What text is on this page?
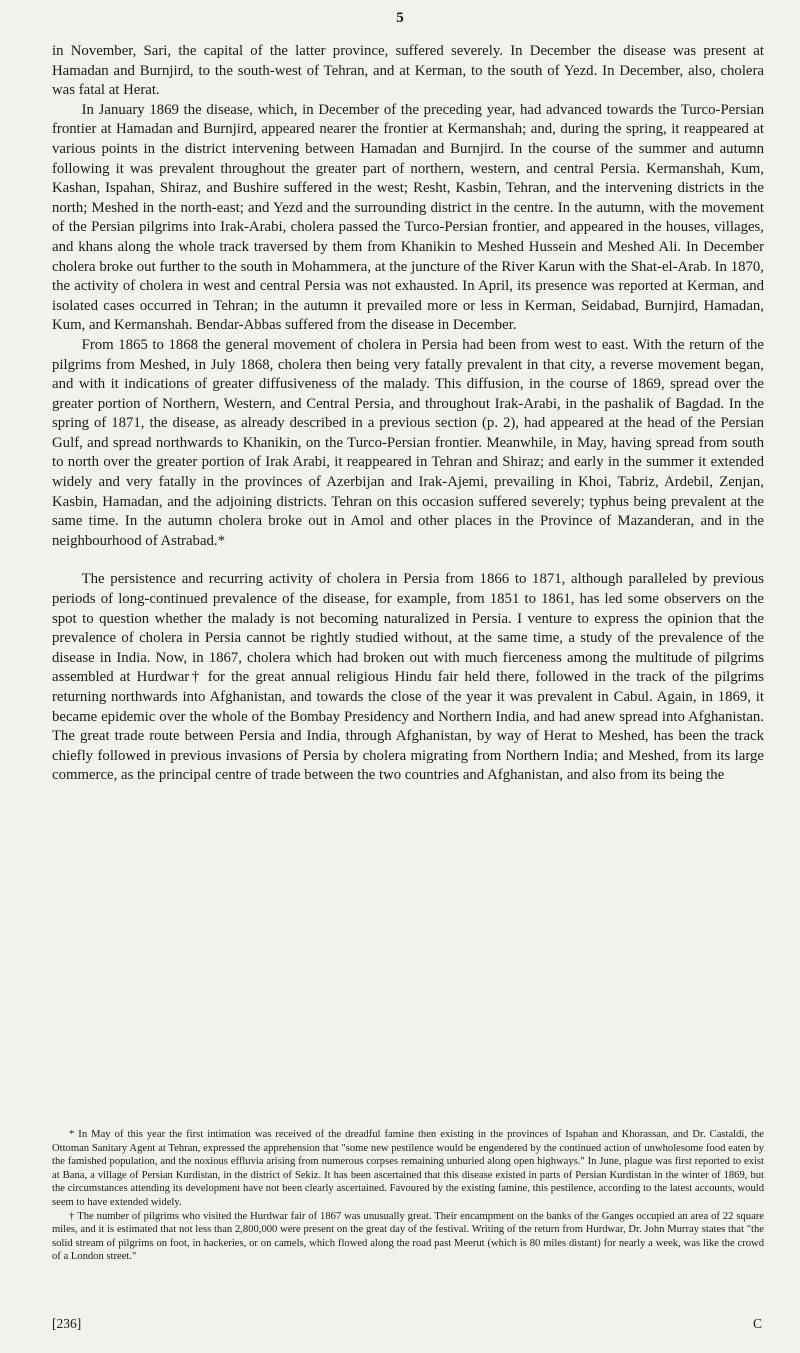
5

in November, Sari, the capital of the latter province, suffered severely. In December the disease was present at Hamadan and Burnjird, to the south-west of Tehran, and at Kerman, to the south of Yezd. In December, also, cholera was fatal at Herat.

In January 1869 the disease, which, in December of the preceding year, had advanced towards the Turco-Persian frontier at Hamadan and Burnjird, appeared nearer the frontier at Kermanshah; and, during the spring, it reappeared at various points in the district intervening between Hamadan and Burnjird. In the course of the summer and autumn following it was prevalent throughout the greater part of northern, western, and central Persia. Kermanshah, Kum, Kashan, Ispahan, Shiraz, and Bushire suffered in the west; Resht, Kasbin, Tehran, and the intervening districts in the north; Meshed in the north-east; and Yezd and the surrounding district in the centre. In the autumn, with the movement of the Persian pilgrims into Irak-Arabi, cholera passed the Turco-Persian frontier, and appeared in the houses, villages, and khans along the whole track traversed by them from Khanikin to Meshed Hussein and Meshed Ali. In December cholera broke out further to the south in Mohammera, at the juncture of the River Karun with the Shat-el-Arab. In 1870, the activity of cholera in west and central Persia was not exhausted. In April, its presence was reported at Kerman, and isolated cases occurred in Tehran; in the autumn it prevailed more or less in Kerman, Seidabad, Burnjird, Hamadan, Kum, and Kermanshah. Bendar-Abbas suffered from the disease in December.

From 1865 to 1868 the general movement of cholera in Persia had been from west to east. With the return of the pilgrims from Meshed, in July 1868, cholera then being very fatally prevalent in that city, a reverse movement began, and with it indications of greater diffusiveness of the malady. This diffusion, in the course of 1869, spread over the greater portion of Northern, Western, and Central Persia, and throughout Irak-Arabi, in the pashalik of Bagdad. In the spring of 1871, the disease, as already described in a previous section (p. 2), had appeared at the head of the Persian Gulf, and spread northwards to Khanikin, on the Turco-Persian frontier. Meanwhile, in May, having spread from south to north over the greater portion of Irak Arabi, it reappeared in Tehran and Shiraz; and early in the summer it extended widely and very fatally in the provinces of Azerbijan and Irak-Ajemi, prevailing in Khoi, Tabriz, Ardebil, Zenjan, Kasbin, Hamadan, and the adjoining districts. Tehran on this occasion suffered severely; typhus being prevalent at the same time. In the autumn cholera broke out in Amol and other places in the Province of Mazanderan, and in the neighbourhood of Astrabad.*

The persistence and recurring activity of cholera in Persia from 1866 to 1871, although paralleled by previous periods of long-continued prevalence of the disease, for example, from 1851 to 1861, has led some observers on the spot to question whether the malady is not becoming naturalized in Persia. I venture to express the opinion that the prevalence of cholera in Persia cannot be rightly studied without, at the same time, a study of the prevalence of the disease in India. Now, in 1867, cholera which had broken out with much fierceness among the multitude of pilgrims assembled at Hurdwar† for the great annual religious Hindu fair held there, followed in the track of the pilgrims returning northwards into Afghanistan, and towards the close of the year it was prevalent in Cabul. Again, in 1869, it became epidemic over the whole of the Bombay Presidency and Northern India, and had anew spread into Afghanistan. The great trade route between Persia and India, through Afghanistan, by way of Herat to Meshed, has been the track chiefly followed in previous invasions of Persia by cholera migrating from Northern India; and Meshed, from its large commerce, as the principal centre of trade between the two countries and Afghanistan, and also from its being the

* In May of this year the first intimation was received of the dreadful famine then existing in the provinces of Ispahan and Khorassan, and Dr. Castaldi, the Ottoman Sanitary Agent at Tehran, expressed the apprehension that "some new pestilence would be engendered by the continued action of unwholesome food eaten by the famished population, and the noxious effluvia arising from numerous corpses remaining unburied along open highways." In June, plague was first reported to exist at Bana, a village of Persian Kurdistan, in the district of Sekiz. It has been ascertained that this disease existed in parts of Persian Kurdistan in the winter of 1869, but the circumstances attending its development have not been clearly ascertained. Favoured by the existing famine, this pestilence, according to the latest accounts, would seem to have extended widely.

† The number of pilgrims who visited the Hurdwar fair of 1867 was unusually great. Their encampment on the banks of the Ganges occupied an area of 22 square miles, and it is estimated that not less than 2,800,000 were present on the great day of the festival. Writing of the return from Hurdwar, Dr. John Murray states that "the solid stream of pilgrims on foot, in hackeries, or on camels, which flowed along the road past Meerut (which is 80 miles distant) for nearly a week, was like the crowd of a London street."

[236]	C
